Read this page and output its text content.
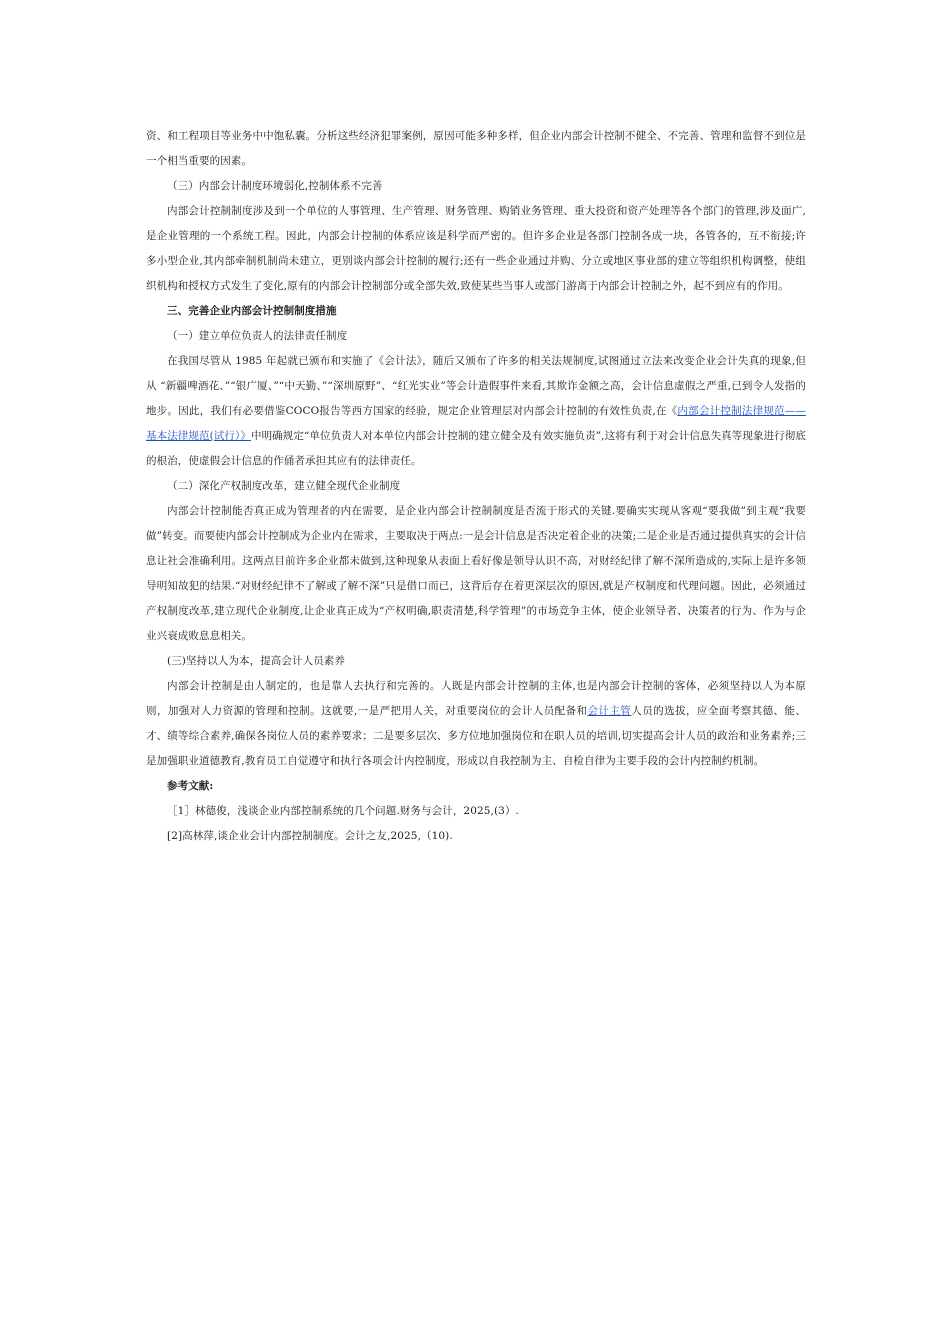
资、和工程项目等业务中中饱私囊。分析这些经济犯罪案例，原因可能多种多样，但企业内部会计控制不健全、不完善、管理和监督不到位是一个相当重要的因素。

（三）内部会计制度环境弱化,控制体系不完善

内部会计控制制度涉及到一个单位的人事管理、生产管理、财务管理、购销业务管理、重大投资和资产处理等各个部门的管理,涉及面广,是企业管理的一个系统工程。因此，内部会计控制的体系应该是科学而严密的。但许多企业是各部门控制各成一块，各管各的，互不衔接;许多小型企业,其内部牵制机制尚未建立，更别谈内部会计控制的履行;还有一些企业通过并购、分立或地区事业部的建立等组织机构调整，使组织机构和授权方式发生了变化,原有的内部会计控制部分或全部失效,致使某些当事人或部门游离于内部会计控制之外，起不到应有的作用。

三、完善企业内部会计控制制度措施

（一）建立单位负责人的法律责任制度

在我国尽管从 1985 年起就已颁布和实施了《会计法》，随后又颁布了许多的相关法规制度,试图通过立法来改变企业会计失真的现象,但从 “新疆啤酒花、”“银广厦、”“中天勤、”“深圳原野”、“红光实业”等会计造假事件来看,其欺诈金额之高，会计信息虚假之严重,已到令人发指的地步。因此，我们有必要借鉴COCO报告等西方国家的经验，规定企业管理层对内部会计控制的有效性负责,在《内部会计控制法律规范——基本法律规范(试行）》中明确规定“单位负责人对本单位内部会计控制的建立健全及有效实施负责”,这将有利于对会计信息失真等现象进行彻底的根治，使虚假会计信息的作俑者承担其应有的法律责任。

（二）深化产权制度改革，建立健全现代企业制度

内部会计控制能否真正成为管理者的内在需要，是企业内部会计控制制度是否流于形式的关键.要确实实现从客观“要我做”到主观“我要做”转变。而要使内部会计控制成为企业内在需求，主要取决于两点:一是会计信息是否决定着企业的决策;二是企业是否通过提供真实的会计信息让社会准确利用。这两点目前许多企业都未做到,这种现象从表面上看好像是领导认识不高，对财经纪律了解不深所造成的,实际上是许多领导明知故犯的结果.“对财经纪律不了解或了解不深”只是借口而已，这背后存在着更深层次的原因,就是产权制度和代理问题。因此，必须通过产权制度改革,建立现代企业制度,让企业真正成为“产权明确,职责清楚,科学管理”的市场竞争主体，使企业领导者、决策者的行为、作为与企业兴衰成败息息相关。

(三)坚持以人为本，提高会计人员素养

内部会计控制是由人制定的，也是靠人去执行和完善的。人既是内部会计控制的主体,也是内部会计控制的客体，必须坚持以人为本原则，加强对人力资源的管理和控制。这就要,一是严把用人关，对重要岗位的会计人员配备和会计主管人员的选拔，应全面考察其德、能、才、绩等综合素养,确保各岗位人员的素养要求；二是要多层次、多方位地加强岗位和在职人员的培训,切实提高会计人员的政治和业务素养;三是加强职业道德教育,教育员工自觉遵守和执行各项会计内控制度，形成以自我控制为主、自检自律为主要手段的会计内控制约机制。

参考文献:

［1］林德俊，浅谈企业内部控制系统的几个问题.财务与会计，2025,(3）.

[2]高林萍,谈企业会计内部控制制度。会计之友,2025,（10).
